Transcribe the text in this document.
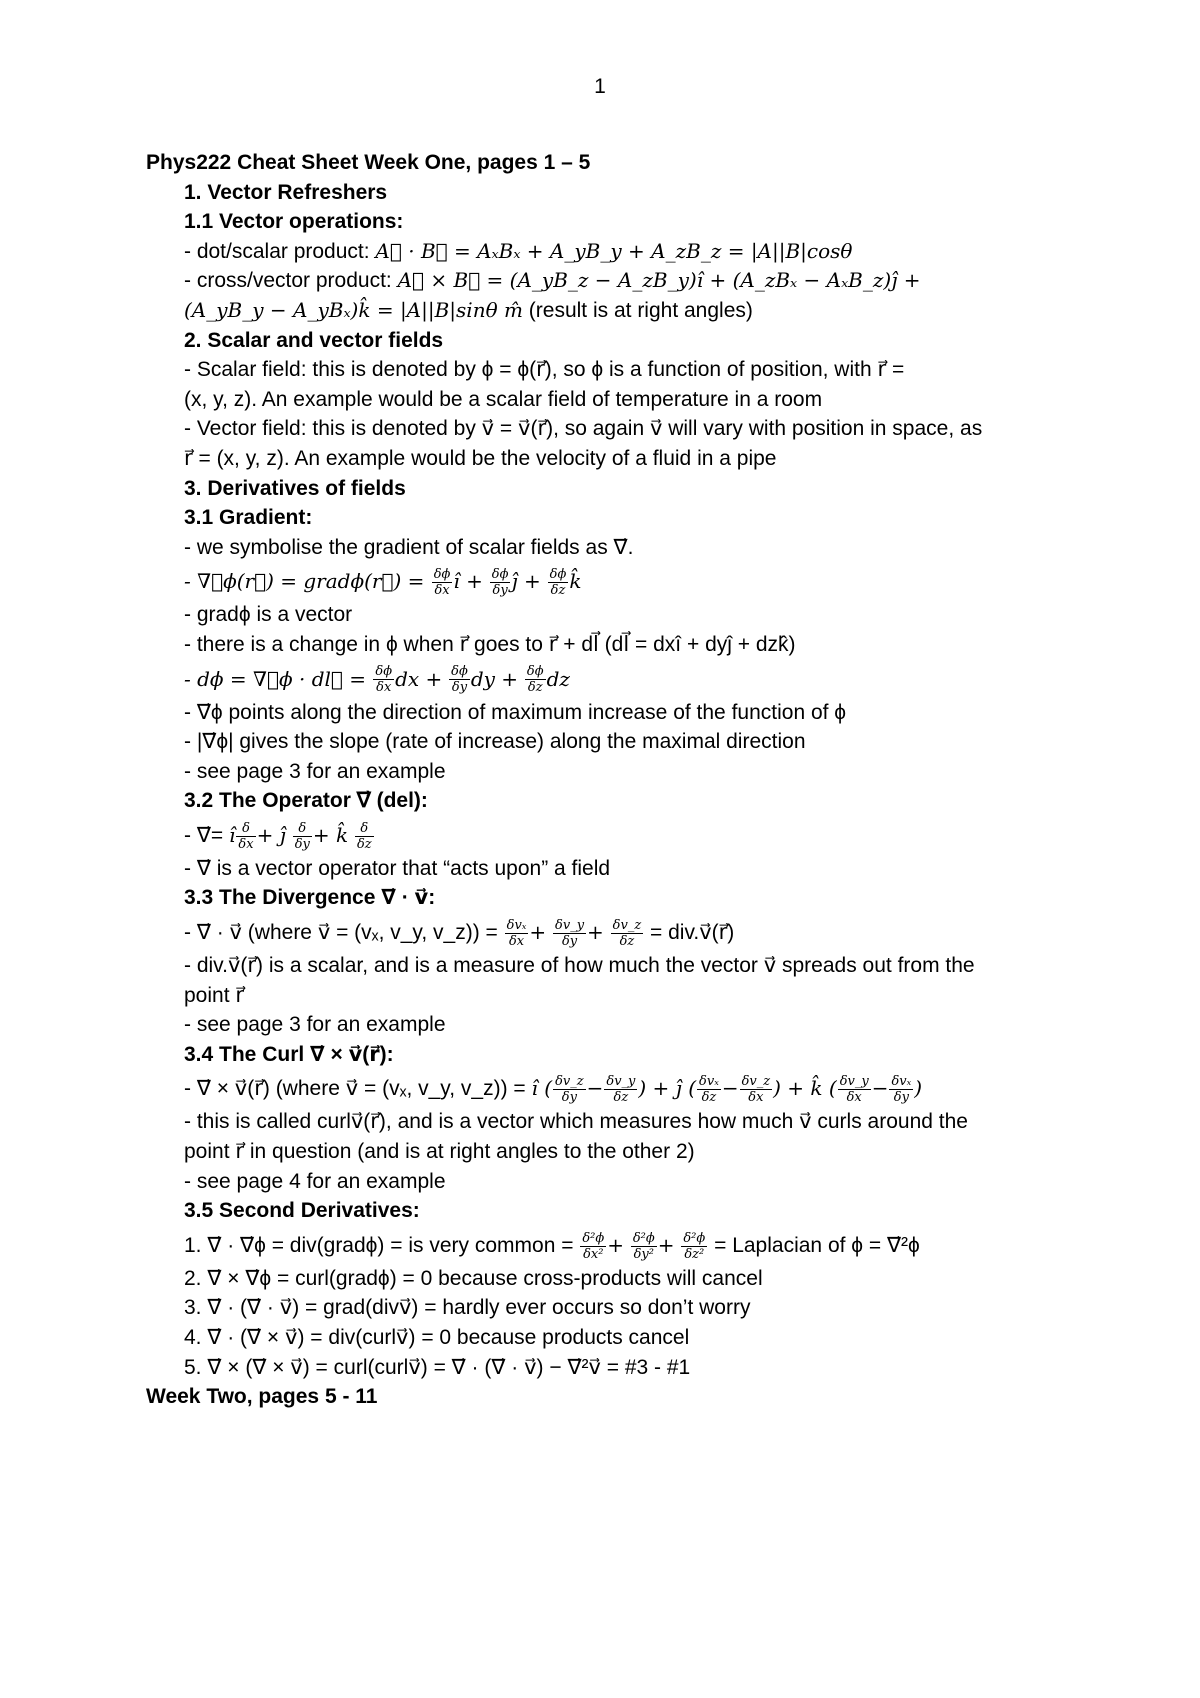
1
Phys222 Cheat Sheet Week One, pages 1 – 5
1. Vector Refreshers
1.1 Vector operations:
- dot/scalar product: A⃗ · B⃗ = AₓBₓ + A_yB_y + A_zB_z = |A||B|cosθ
- cross/vector product: A⃗ × B⃗ = (A_yB_z − A_zB_y)î + (A_zBₓ − AₓB_z)ĵ +
(A_yB_y − A_yBₓ)k̂ = |A||B|sinθ m̂ (result is at right angles)
2. Scalar and vector fields
- Scalar field: this is denoted by ϕ = ϕ(r⃗), so ϕ is a function of position, with r⃗ =
(x, y, z). An example would be a scalar field of temperature in a room
- Vector field: this is denoted by v⃗ = v⃗(r⃗), so again v⃗ will vary with position in space, as
r⃗ = (x, y, z). An example would be the velocity of a fluid in a pipe
3. Derivatives of fields
3.1 Gradient:
- we symbolise the gradient of scalar fields as ∇⃗.
- ∇⃗ϕ(r⃗) = gradϕ(r⃗) = $\frac{\delta\phi}{\delta x}$ î + $\frac{\delta\phi}{\delta y}$ ĵ + $\frac{\delta\phi}{\delta z}$ k̂
- gradϕ is a vector
- there is a change in ϕ when r⃗ goes to r⃗ + dl⃗ (dl⃗ = dxî + dyĵ + dzk̂)
- dϕ = ∇⃗ϕ · dl⃗ = $\frac{\delta\phi}{\delta x}$ dx + $\frac{\delta\phi}{\delta y}$ dy + $\frac{\delta\phi}{\delta z}$ dz
- ∇⃗ϕ points along the direction of maximum increase of the function of ϕ
- |∇⃗ϕ| gives the slope (rate of increase) along the maximal direction
- see page 3 for an example
3.2 The Operator ∇⃗ (del):
- ∇⃗= î $\frac{\delta}{\delta x}$ + ĵ $\frac{\delta}{\delta y}$ + k̂ $\frac{\delta}{\delta z}$
- ∇⃗ is a vector operator that “acts upon” a field
3.3 The Divergence ∇⃗ · v⃗:
- ∇⃗ · v⃗ (where v⃗ = (vₓ, v_y, v_z)) = $\frac{\text{δvₓ}}{\delta x} + \frac{\delta v\_y}{\delta y} + \frac{\delta v\_z}{\delta z}$ = div.v⃗(r⃗)
- div.v⃗(r⃗) is a scalar, and is a measure of how much the vector v⃗ spreads out from the
point r⃗
- see page 3 for an example
3.4 The Curl ∇⃗ × v⃗(r⃗):
- ∇⃗ × v⃗(r⃗) (where v⃗ = (vₓ, v_y, v_z)) = î ( $\frac{\delta v\_z}{\delta y} - \frac{\delta v\_y}{\delta z}$ ) + ĵ ( $\frac{\text{δvₓ}}{\delta z} - \frac{\delta v\_z}{\delta x}$ ) + k̂ ( $\frac{\delta v\_y}{\delta x} - \frac{\text{δvₓ}}{\delta y}$ )
- this is called curlv⃗(r⃗), and is a vector which measures how much v⃗ curls around the
point r⃗ in question (and is at right angles to the other 2)
- see page 4 for an example
3.5 Second Derivatives:
1. ∇⃗ · ∇⃗ϕ = div(gradϕ) = is very common = $\frac{\text{δ²ϕ}}{\text{δx²}} + \frac{\text{δ²ϕ}}{\text{δy²}} + \frac{\text{δ²ϕ}}{\text{δz²}}$ = Laplacian of ϕ = ∇⃗²ϕ
2. ∇⃗ × ∇⃗ϕ = curl(gradϕ) = 0 because cross-products will cancel
3. ∇⃗ · (∇⃗ · v⃗) = grad(divv⃗) = hardly ever occurs so don’t worry
4. ∇⃗ · (∇⃗ × v⃗) = div(curlv⃗) = 0 because products cancel
5. ∇⃗ × (∇⃗ × v⃗) = curl(curlv⃗) = ∇⃗ · (∇⃗ · v⃗) − ∇⃗²v⃗ = #3 - #1
Week Two, pages 5 - 11
